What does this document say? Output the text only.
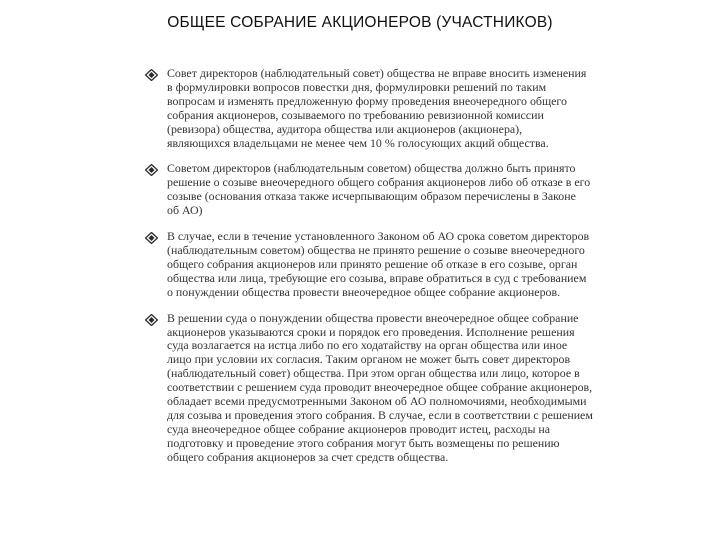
ОБЩЕЕ СОБРАНИЕ АКЦИОНЕРОВ (УЧАСТНИКОВ)

Совет директоров (наблюдательный совет) общества не вправе вносить изменения
в формулировки вопросов повестки дня, формулировки решений по таким
вопросам и изменять предложенную форму проведения внеочередного общего
собрания акционеров, созываемого по требованию ревизионной комиссии
(ревизора) общества, аудитора общества или акционеров (акционера),
являющихся владельцами не менее чем 10 % голосующих акций общества.

Советом директоров (наблюдательным советом) общества должно быть принято
решение о созыве внеочередного общего собрания акционеров либо об отказе в его
созыве (основания отказа также исчерпывающим образом перечислены в Законе
об АО)

В случае, если в течение установленного Законом об АО срока советом директоров
(наблюдательным советом) общества не принято решение о созыве внеочередного
общего собрания акционеров или принято решение об отказе в его созыве, орган
общества или лица, требующие его созыва, вправе обратиться в суд с требованием
о понуждении общества провести внеочередное общее собрание акционеров.

В решении суда о понуждении общества провести внеочередное общее собрание
акционеров указываются сроки и порядок его проведения. Исполнение решения
суда возлагается на истца либо по его ходатайству на орган общества или иное
лицо при условии их согласия. Таким органом не может быть совет директоров
(наблюдательный совет) общества. При этом орган общества или лицо, которое в
соответствии с решением суда проводит внеочередное общее собрание акционеров,
обладает всеми предусмотренными Законом об АО полномочиями, необходимыми
для созыва и проведения этого собрания. В случае, если в соответствии с решением
суда внеочередное общее собрание акционеров проводит истец, расходы на
подготовку и проведение этого собрания могут быть возмещены по решению
общего собрания акционеров за счет средств общества.
